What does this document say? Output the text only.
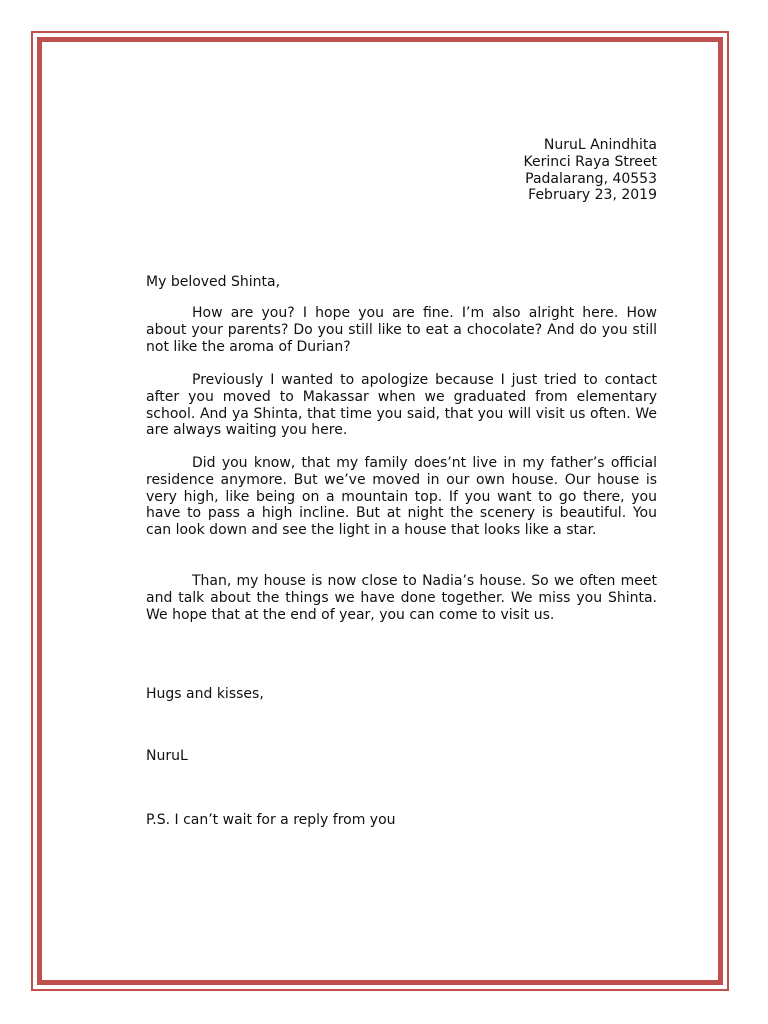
NuruL Anindhita
Kerinci Raya Street
Padalarang, 40553
February 23, 2019
My beloved Shinta,
How are you? I hope you are fine. I’m also alright here. How about your parents? Do you still like to eat a chocolate? And do you still not like the aroma of Durian?
Previously I wanted to apologize because I just tried to contact after you moved to Makassar when we graduated from elementary school. And ya Shinta, that time you said, that you will visit us often. We are always waiting you here.
Did you know, that my family does’nt live in my father’s official residence anymore. But we’ve moved in our own house. Our house is very high, like being on a mountain top. If you want to go there, you have to pass a high incline. But at night the scenery is beautiful. You can look down and see the light in a house that looks like a star.
Than, my house is now close to Nadia’s house. So we often meet and talk about the things we have done together. We miss you Shinta. We hope that at the end of year, you can come to visit us.
Hugs and kisses,
NuruL
P.S. I can’t wait for a reply from you
